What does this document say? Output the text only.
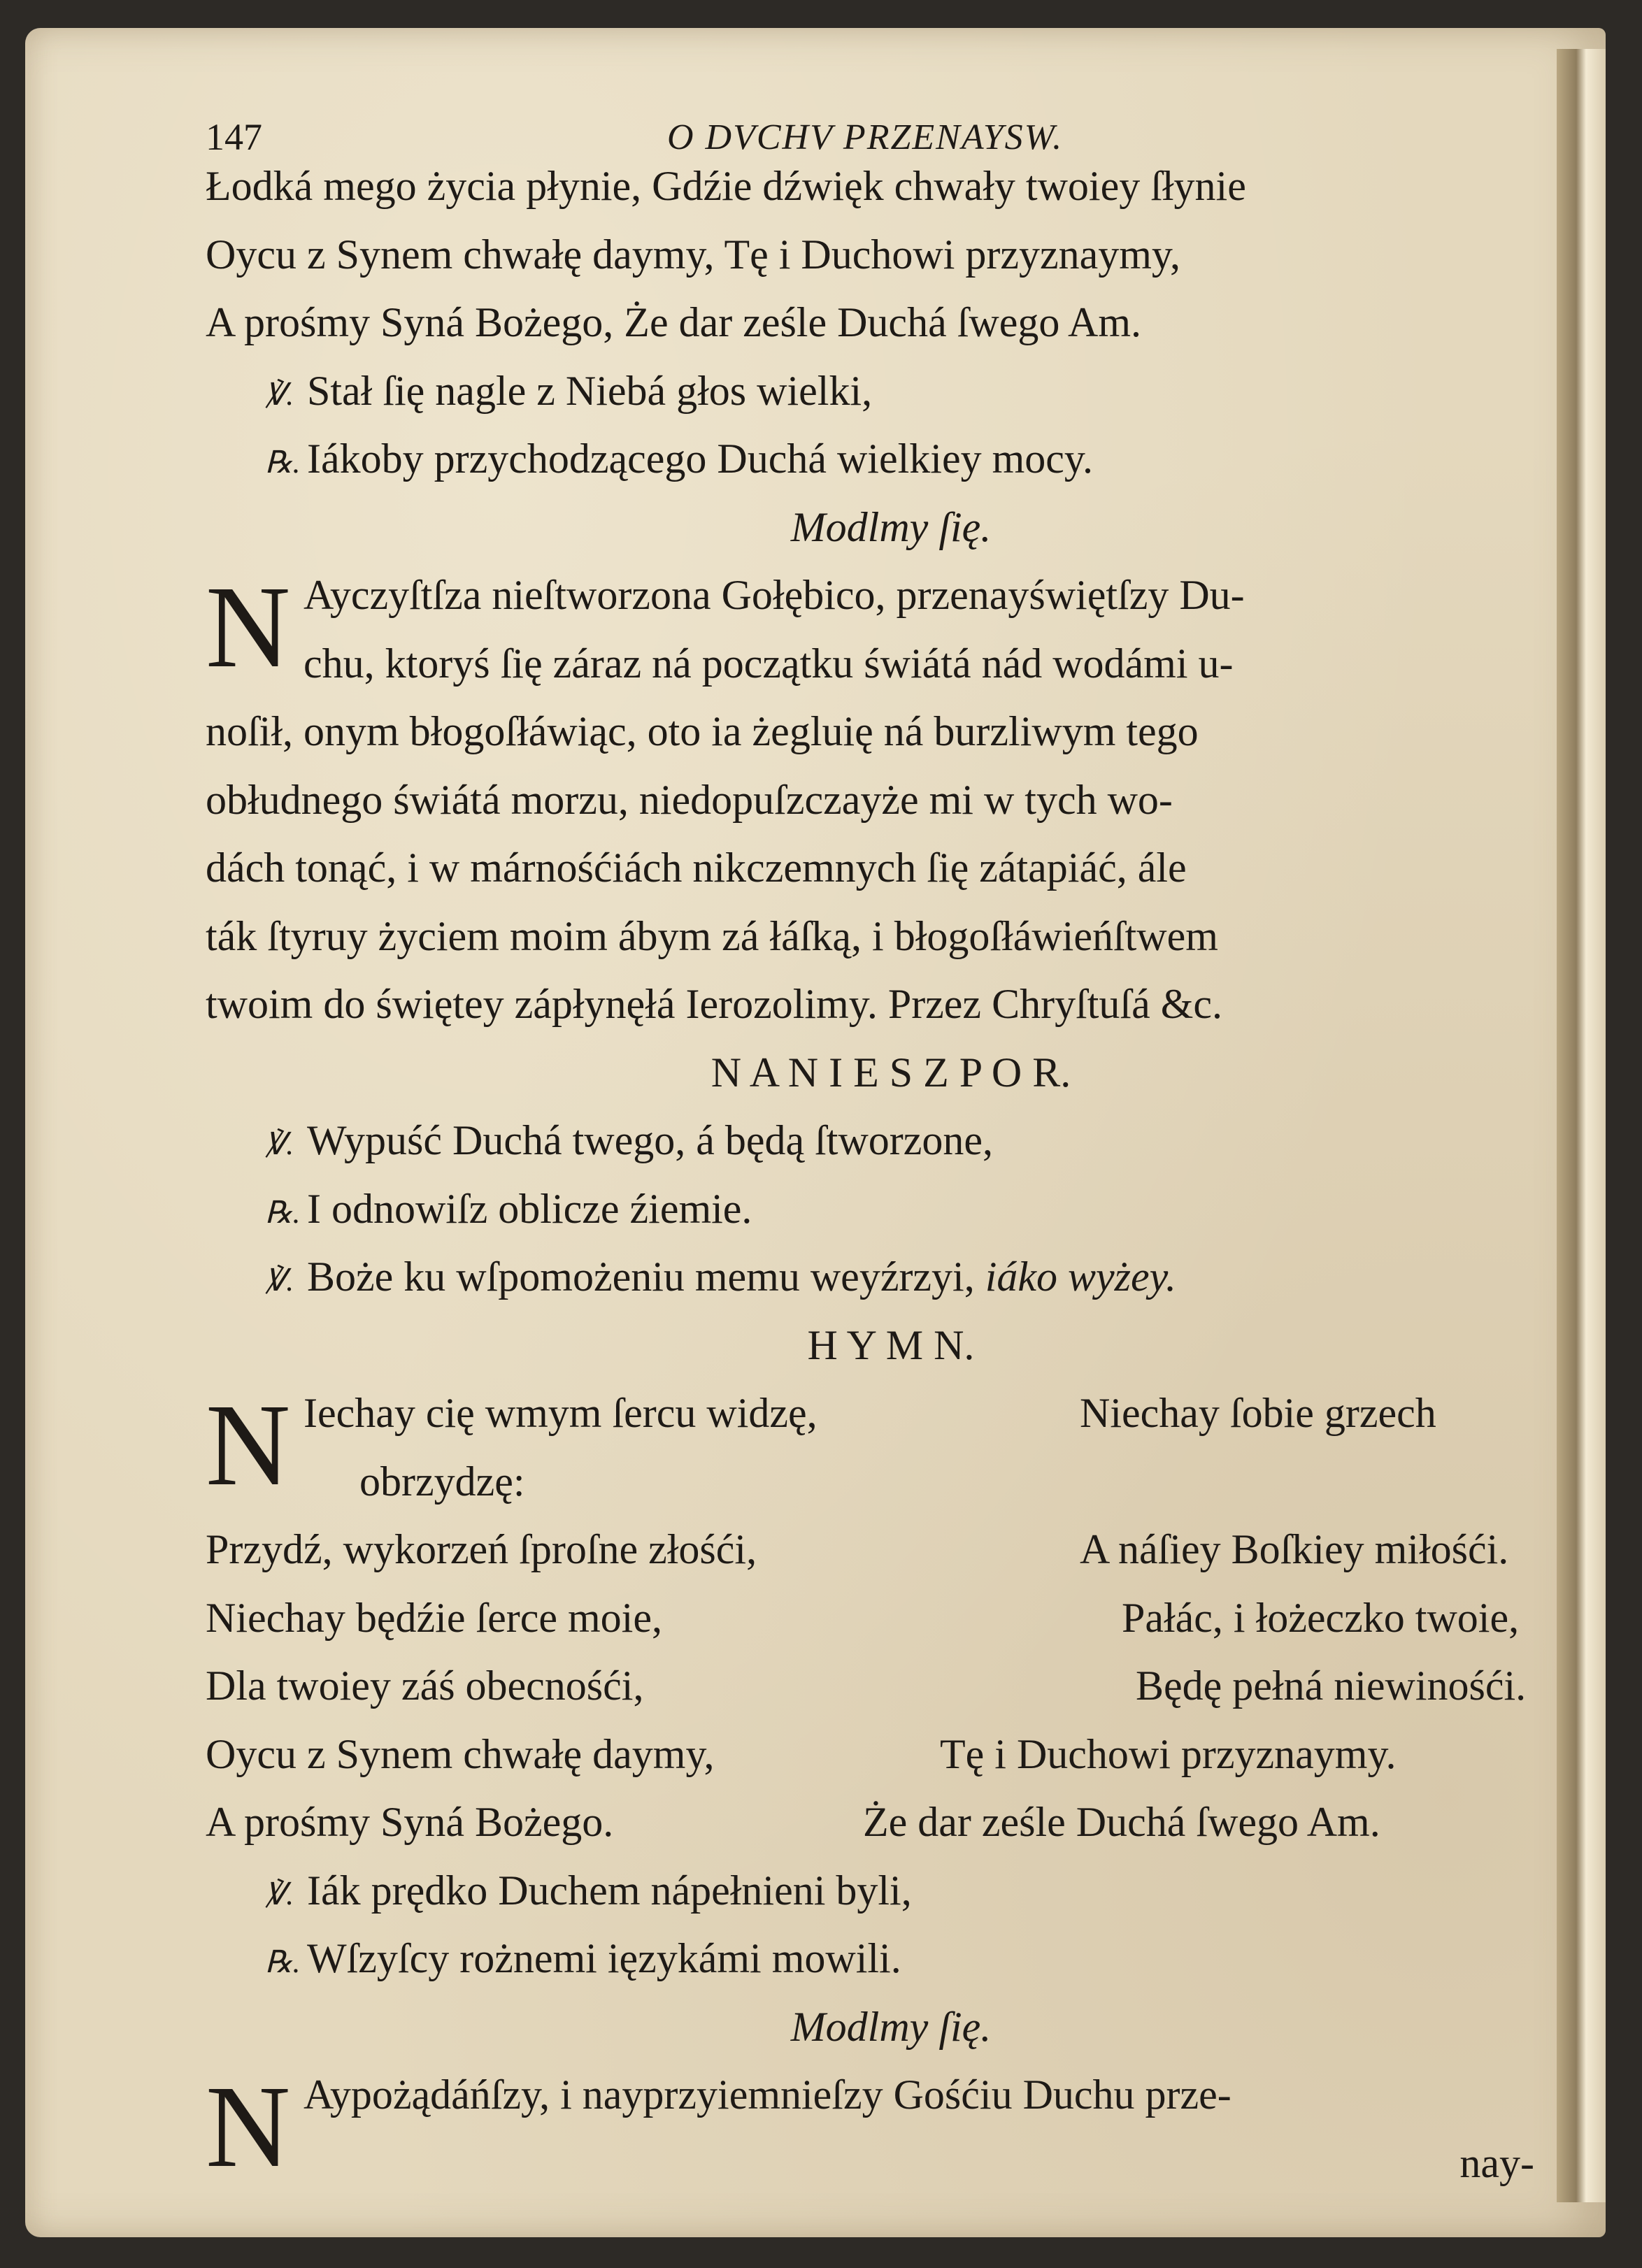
147	O DVCHV PRZENAYSW.
Łodká mego życia płynie, Gdźie dźwięk chwały twoiey ſłynie
Oycu z Synem chwałę daymy, Tę i Duchowi przyznaymy,
A prośmy Syná Bożego, Że dar ześle Duchá ſwego Am.
℣. Stał ſię nagle z Niebá głos wielki,
℞. Iákoby przychodzącego Duchá wielkiey mocy.
Modlmy ſię.
N Ayczyſtſza nieſtworzona Gołębico, przenayświętſzy Du-
chu, ktoryś ſię záraz ná początku świátá nád wodámi u-
noſił, onym błogoſłáwiąc, oto ia żegluię ná burzliwym tego
obłudnego świátá morzu, niedopuſzczayże mi w tych wo-
dách tonąć, i w márnośćiách nikczemnych ſię zátapiáć, ále
ták ſtyruy życiem moim ábym zá łáſką, i błogoſłáwieńſtwem
twoim do świętey zápłynęłá Ierozolimy. Przez Chryſtuſá &c.
N A N I E S Z P O R.
℣. Wypuść Duchá twego, á będą ſtworzone,
℞. I odnowiſz oblicze źiemie.
℣. Boże ku wſpomożeniu memu weyźrzyi, iáko wyżey.
H Y M N.
N Iechay cię wmym ſercu widzę,	Niechay ſobie grzech
obrzydzę:
Przydź, wykorzeń ſproſne złośći,	A náſiey Boſkiey miłośći.
Niechay będźie ſerce moie,	Pałác, i łożeczko twoie,
Dla twoiey záś obecnośći,	Będę pełná niewinośći.
Oycu z Synem chwałę daymy,	Tę i Duchowi przyznaymy.
A prośmy Syná Bożego.	Że dar ześle Duchá ſwego Am.
℣. Iák prędko Duchem nápełnieni byli,
℞. Wſzyſcy rożnemi ięzykámi mowili.
Modlmy ſię.
N Aypożądáńſzy, i nayprzyiemnieſzy Gośćiu Duchu prze-
nay-
